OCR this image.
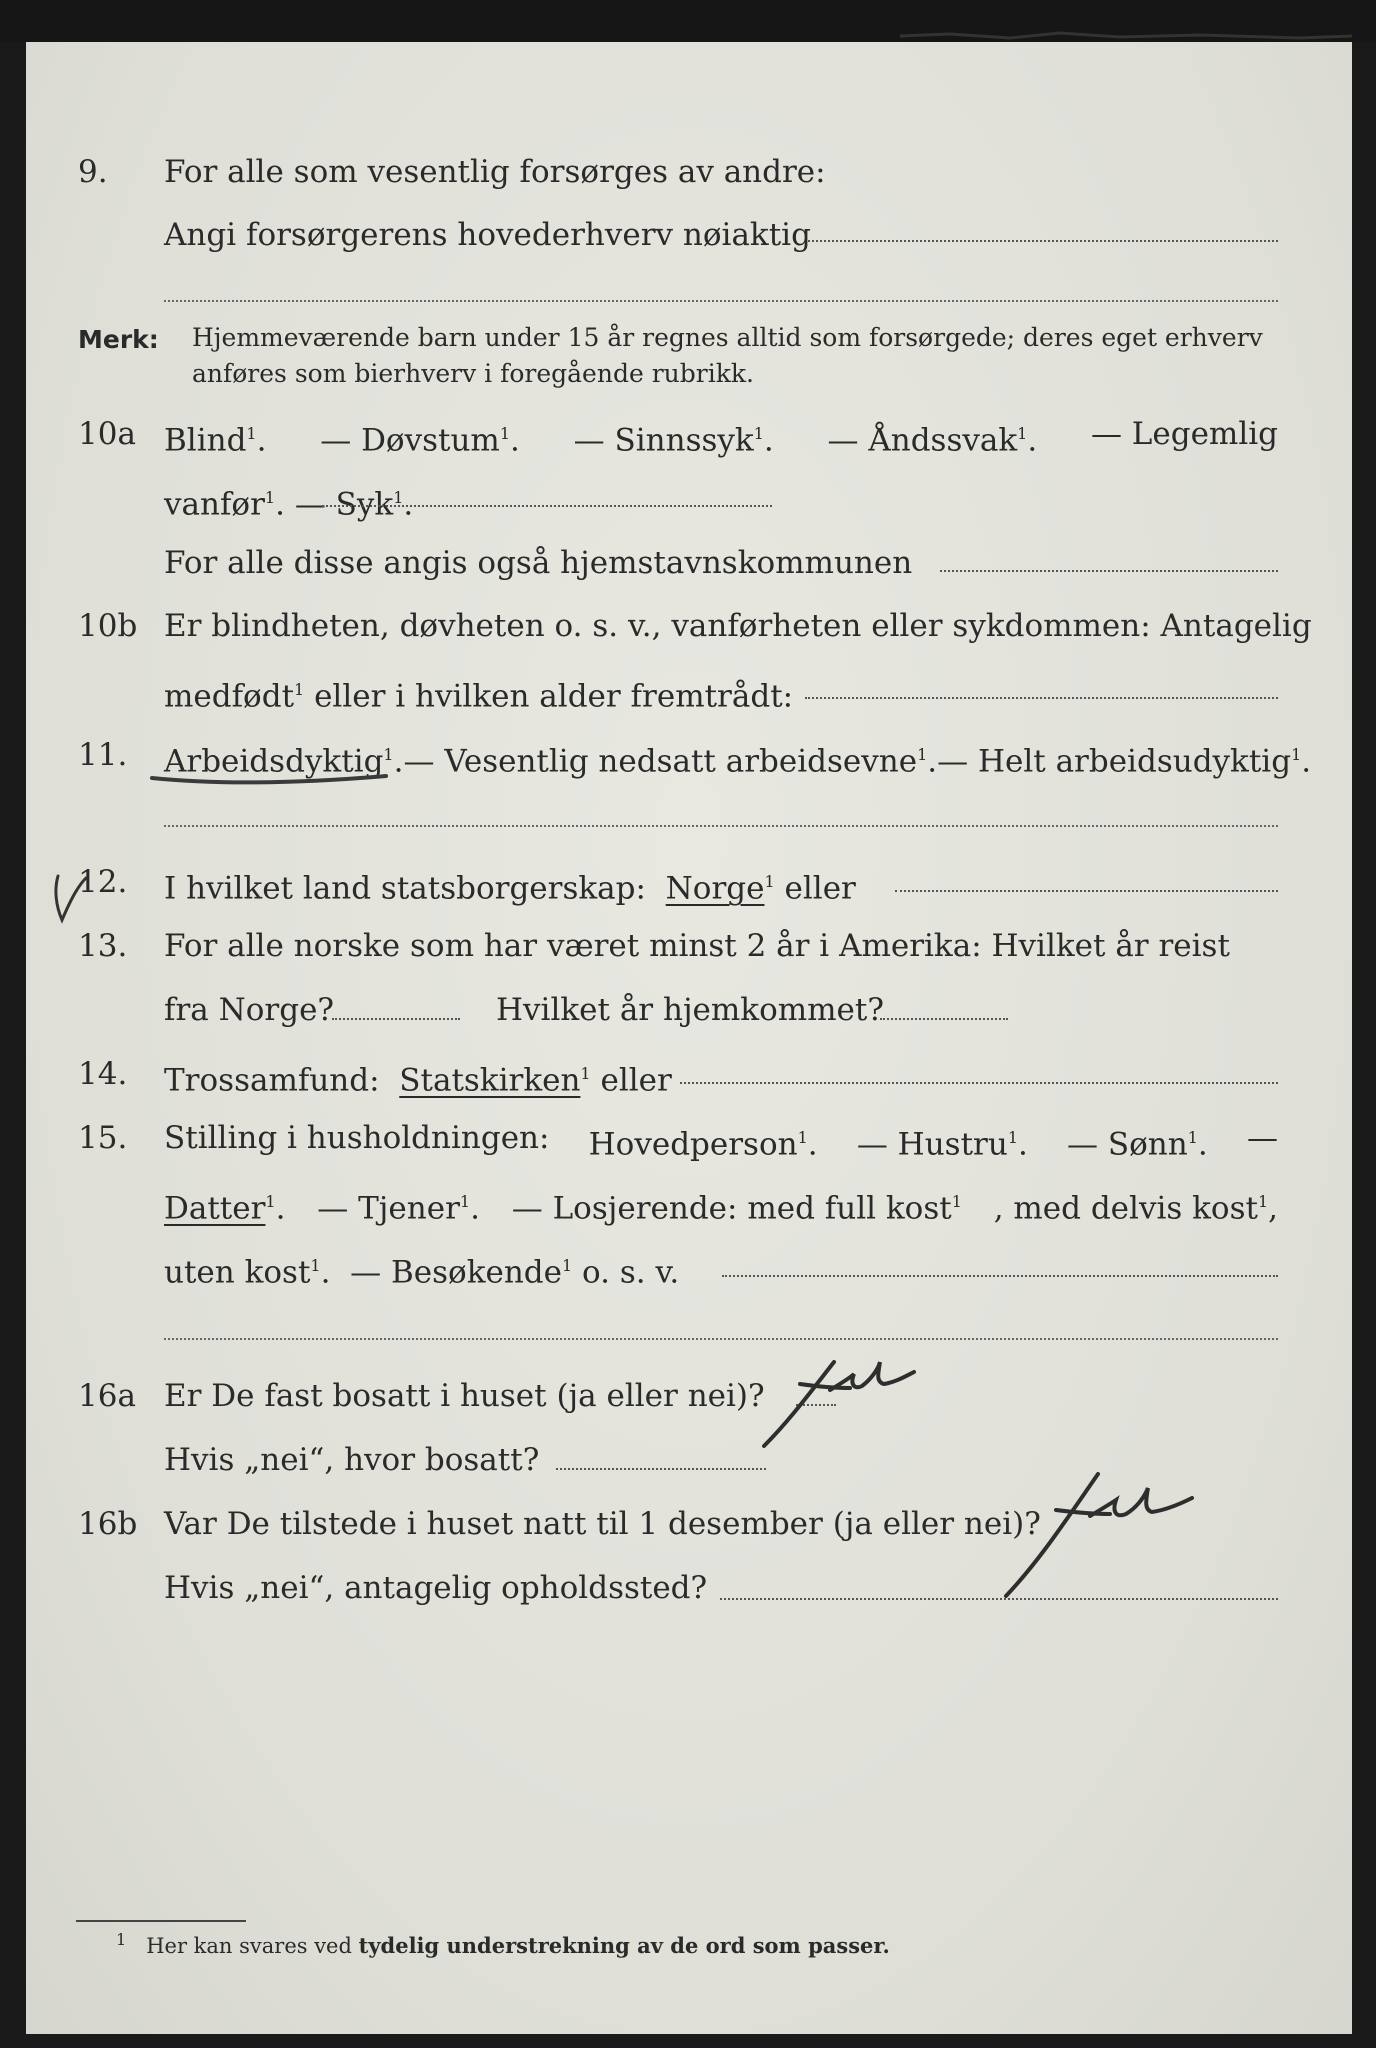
9. For alle som vesentlig forsørges av andre:
Angi forsørgerens hovederhverv nøiaktig
Merk: Hjemmeværende barn under 15 år regnes alltid som forsørgede; deres eget erhverv
anføres som bierhverv i foregående rubrikk.
10a Blind$^1$. — Døvstum$^1$. — Sinnssyk$^1$. — Åndssvak$^1$. — Legemlig
vanfør$^1$. — Syk$^1$.
For alle disse angis også hjemstavnskommunen
10b Er blindheten, døvheten o. s. v., vanførheten eller sykdommen: Antagelig
medfødt$^1$ eller i hvilken alder fremtrådt:
11. Arbeidsdyktig$^1$. — Vesentlig nedsatt arbeidsevne$^1$. — Helt arbeidsudyktig$^1$.
12. I hvilket land statsborgerskap: Norge$^1$ eller
13. For alle norske som har været minst 2 år i Amerika: Hvilket år reist
fra Norge?	Hvilket år hjemkommet?
14. Trossamfund: Statskirken$^1$ eller
15. Stilling i husholdningen: Hovedperson$^1$. — Hustru$^1$. — Sønn$^1$. —
Datter$^1$. — Tjener$^1$. — Losjerende: med full kost$^1$ , med delvis kost$^1$,
uten kost$^1$.  — Besøkende$^1$ o. s. v.
16a Er De fast bosatt i huset (ja eller nei)?
Hvis „nei“, hvor bosatt?
16b Var De tilstede i huset natt til 1 desember (ja eller nei)?
Hvis „nei“, antagelig opholdssted?
$^1$ Her kan svares ved tydelig understrekning av de ord som passer.
